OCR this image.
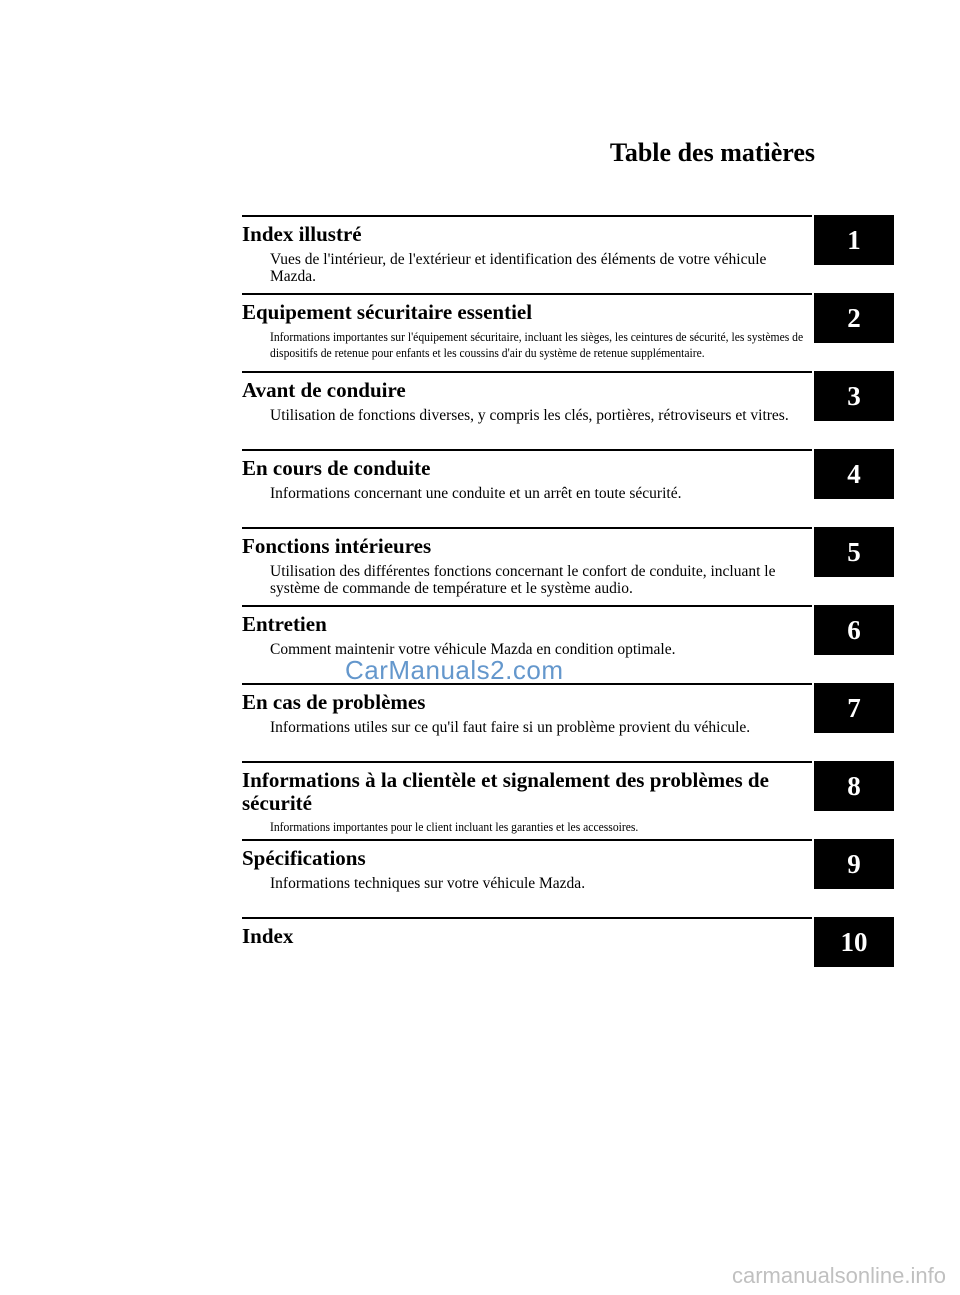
Table des matières
Index illustré
Vues de l'intérieur, de l'extérieur et identification des éléments de votre véhicule Mazda.
1
Equipement sécuritaire essentiel
Informations importantes sur l'équipement sécuritaire, incluant les sièges, les ceintures de sécurité, les systèmes de dispositifs de retenue pour enfants et les coussins d'air du système de retenue supplémentaire.
2
Avant de conduire
Utilisation de fonctions diverses, y compris les clés, portières, rétroviseurs et vitres.
3
En cours de conduite
Informations concernant une conduite et un arrêt en toute sécurité.
4
Fonctions intérieures
Utilisation des différentes fonctions concernant le confort de conduite, incluant le système de commande de température et le système audio.
5
Entretien
Comment maintenir votre véhicule Mazda en condition optimale.
6
En cas de problèmes
Informations utiles sur ce qu'il faut faire si un problème provient du véhicule.
7
Informations à la clientèle et signalement des problèmes de sécurité
Informations importantes pour le client incluant les garanties et les accessoires.
8
Spécifications
Informations techniques sur votre véhicule Mazda.
9
Index	10
CarManuals2.com
carmanualsonline.info
